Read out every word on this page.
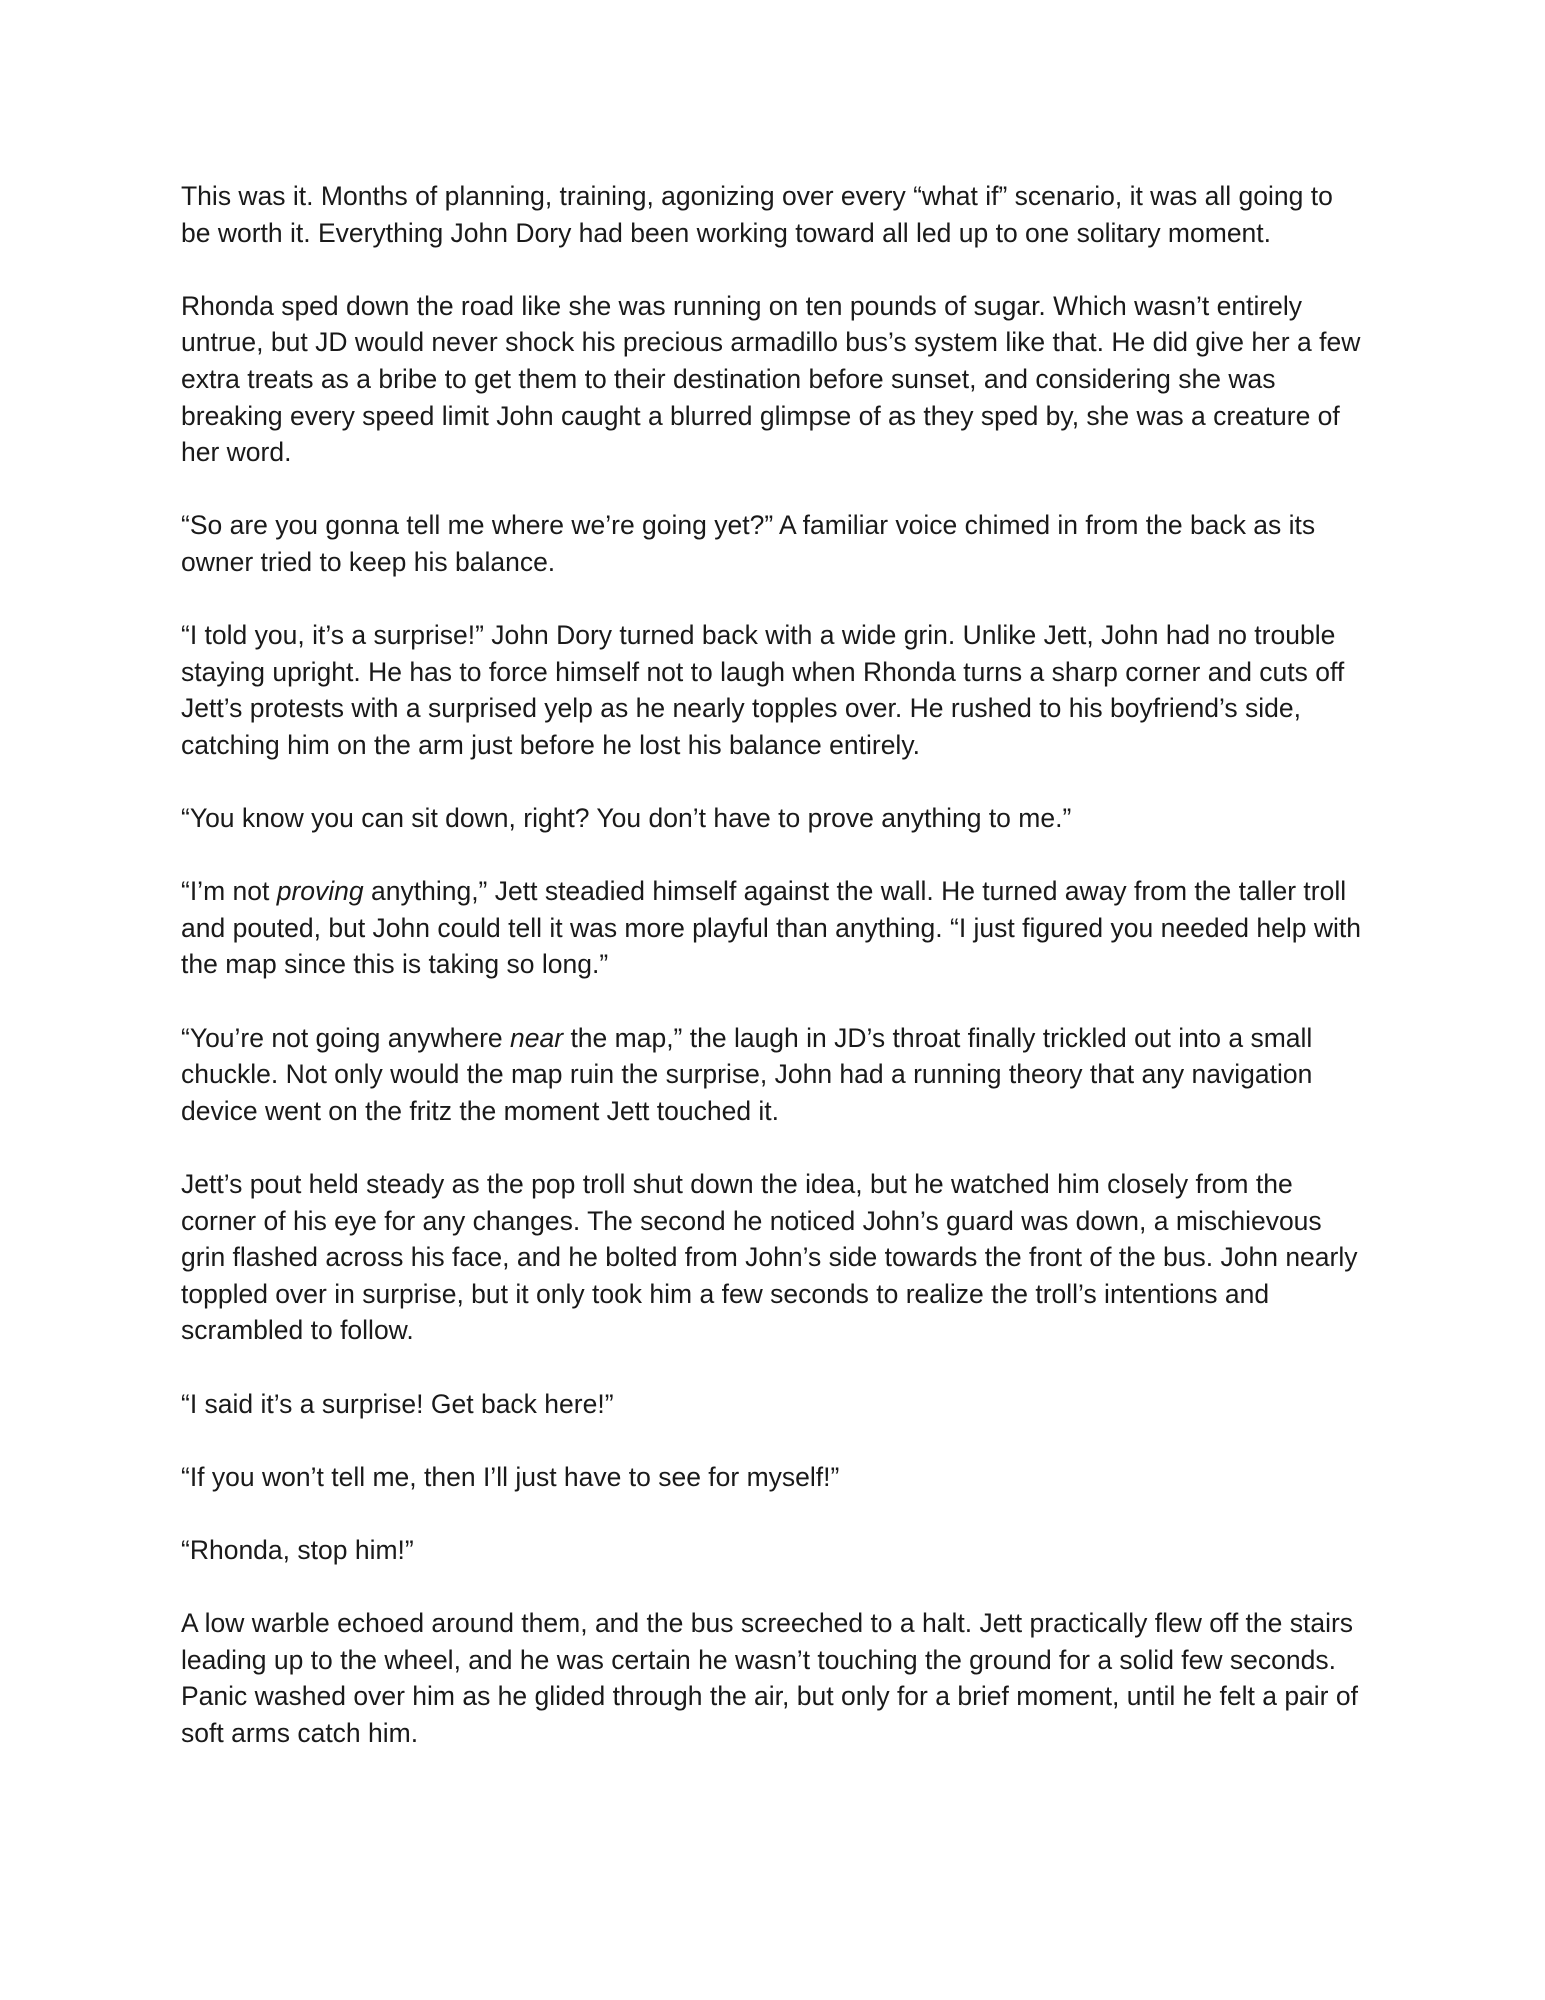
This was it. Months of planning, training, agonizing over every “what if” scenario, it was all going to be worth it. Everything John Dory had been working toward all led up to one solitary moment.

Rhonda sped down the road like she was running on ten pounds of sugar. Which wasn’t entirely untrue, but JD would never shock his precious armadillo bus’s system like that. He did give her a few extra treats as a bribe to get them to their destination before sunset, and considering she was breaking every speed limit John caught a blurred glimpse of as they sped by, she was a creature of her word.

“So are you gonna tell me where we’re going yet?” A familiar voice chimed in from the back as its owner tried to keep his balance.

“I told you, it’s a surprise!” John Dory turned back with a wide grin. Unlike Jett, John had no trouble staying upright. He has to force himself not to laugh when Rhonda turns a sharp corner and cuts off Jett’s protests with a surprised yelp as he nearly topples over. He rushed to his boyfriend’s side, catching him on the arm just before he lost his balance entirely.

“You know you can sit down, right? You don’t have to prove anything to me.”

“I’m not proving anything,” Jett steadied himself against the wall. He turned away from the taller troll and pouted, but John could tell it was more playful than anything. “I just figured you needed help with the map since this is taking so long.”

“You’re not going anywhere near the map,” the laugh in JD’s throat finally trickled out into a small chuckle. Not only would the map ruin the surprise, John had a running theory that any navigation device went on the fritz the moment Jett touched it.

Jett’s pout held steady as the pop troll shut down the idea, but he watched him closely from the corner of his eye for any changes. The second he noticed John’s guard was down, a mischievous grin flashed across his face, and he bolted from John’s side towards the front of the bus. John nearly toppled over in surprise, but it only took him a few seconds to realize the troll’s intentions and scrambled to follow.

“I said it’s a surprise! Get back here!”

“If you won’t tell me, then I’ll just have to see for myself!”

“Rhonda, stop him!”

A low warble echoed around them, and the bus screeched to a halt. Jett practically flew off the stairs leading up to the wheel, and he was certain he wasn’t touching the ground for a solid few seconds. Panic washed over him as he glided through the air, but only for a brief moment, until he felt a pair of soft arms catch him.
